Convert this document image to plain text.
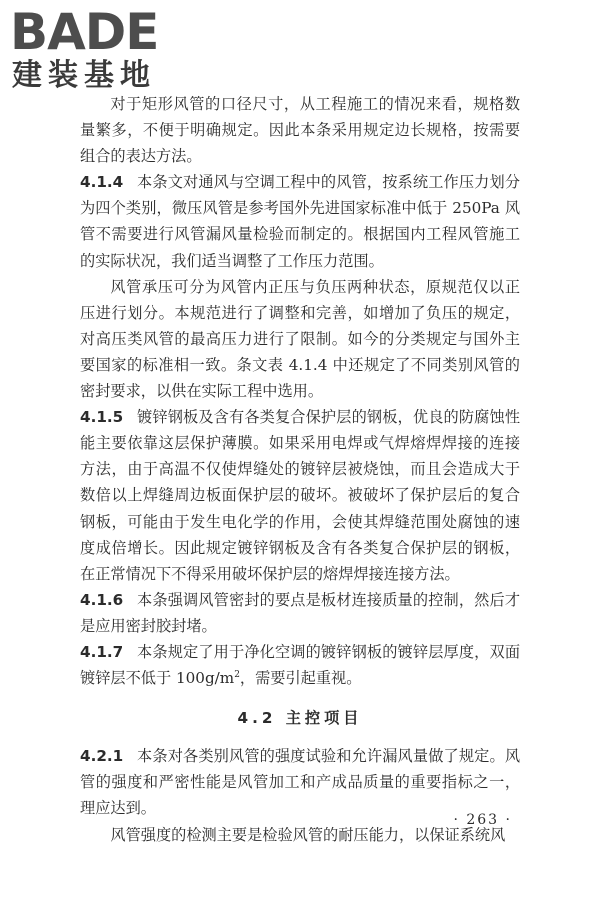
BADE
建装基地

对于矩形风管的口径尺寸，从工程施工的情况来看，规格数量繁多，不便于明确规定。因此本条采用规定边长规格，按需要组合的表达方法。

4.1.4 本条文对通风与空调工程中的风管，按系统工作压力划分为四个类别，微压风管是参考国外先进国家标准中低于 250Pa 风管不需要进行风管漏风量检验而制定的。根据国内工程风管施工的实际状况，我们适当调整了工作压力范围。

风管承压可分为风管内正压与负压两种状态，原规范仅以正压进行划分。本规范进行了调整和完善，如增加了负压的规定，对高压类风管的最高压力进行了限制。如今的分类规定与国外主要国家的标准相一致。条文表 4.1.4 中还规定了不同类别风管的密封要求，以供在实际工程中选用。

4.1.5 镀锌钢板及含有各类复合保护层的钢板，优良的防腐蚀性能主要依靠这层保护薄膜。如果采用电焊或气焊熔焊焊接的连接方法，由于高温不仅使焊缝处的镀锌层被烧蚀，而且会造成大于数倍以上焊缝周边板面保护层的破坏。被破坏了保护层后的复合钢板，可能由于发生电化学的作用，会使其焊缝范围处腐蚀的速度成倍增长。因此规定镀锌钢板及含有各类复合保护层的钢板，在正常情况下不得采用破坏保护层的熔焊焊接连接方法。

4.1.6 本条强调风管密封的要点是板材连接质量的控制，然后才是应用密封胶封堵。

4.1.7 本条规定了用于净化空调的镀锌钢板的镀锌层厚度，双面镀锌层不低于 $100g/m^2$，需要引起重视。

4.2 主控项目

4.2.1 本条对各类别风管的强度试验和允许漏风量做了规定。风管的强度和严密性能是风管加工和产成品质量的重要指标之一，理应达到。

风管强度的检测主要是检验风管的耐压能力，以保证系统风

· 263 ·
